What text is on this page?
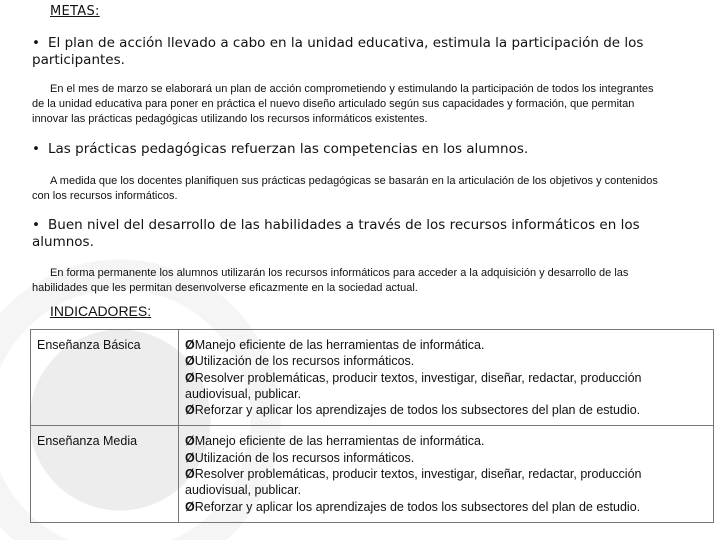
METAS:
• El plan de acción llevado a cabo en la unidad educativa, estimula la participación de los participantes.
En el mes de marzo se elaborará un plan de acción comprometiendo y estimulando la participación de todos los integrantes de la unidad educativa para poner en práctica el nuevo diseño articulado según sus capacidades y formación, que permitan innovar las prácticas pedagógicas utilizando los recursos informáticos existentes.
• Las prácticas pedagógicas refuerzan las competencias en los alumnos.
A medida que los docentes planifiquen sus prácticas pedagógicas se basarán en la articulación de los objetivos y contenidos con los recursos informáticos.
• Buen nivel del desarrollo de las habilidades a través de los recursos informáticos en los alumnos.
En forma permanente los alumnos utilizarán los recursos informáticos para acceder a la adquisición y desarrollo de las habilidades que les permitan desenvolverse eficazmente en la sociedad actual.
INDICADORES:
Enseñanza Básica	ØManejo eficiente de las herramientas de informática.
ØUtilización de los recursos informáticos.
ØResolver problemáticas, producir textos, investigar, diseñar, redactar, producción audiovisual, publicar.
ØReforzar y aplicar los aprendizajes de todos los subsectores del plan de estudio.

Enseñanza Media	ØManejo eficiente de las herramientas de informática.
ØUtilización de los recursos informáticos.
ØResolver problemáticas, producir textos, investigar, diseñar, redactar, producción audiovisual, publicar.
ØReforzar y aplicar los aprendizajes de todos los subsectores del plan de estudio.
